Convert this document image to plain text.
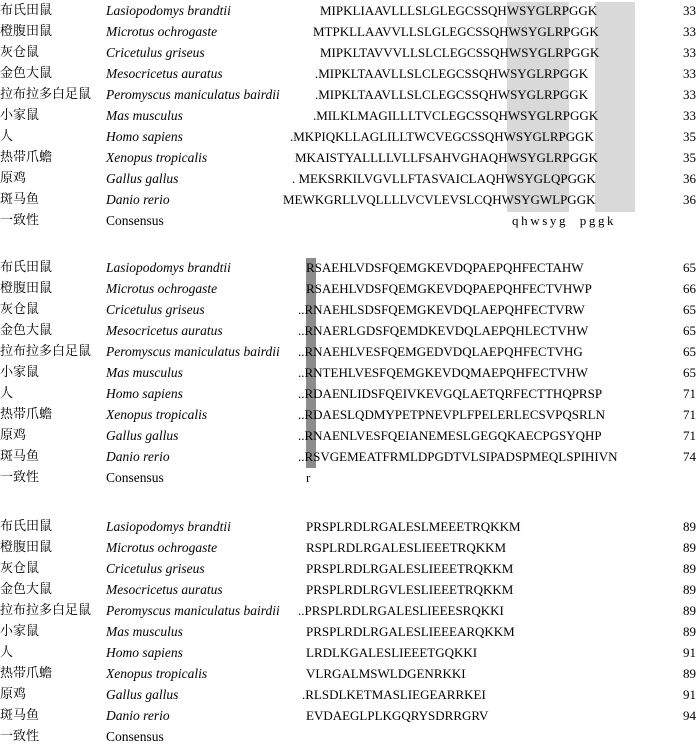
布氏田鼠	Lasiopodomys brandtii	MIPKLIAAVLLLSLGLEGCSSQHWSYGLRPGGK	33
橙腹田鼠	Microtus ochrogaste	MTPKLLAAVVLLSLGLEGCSSQHWSYGLRPGGK	33
灰仓鼠	Cricetulus griseus	MIPKLTAVVVLLSLCLEGCSSQHWSYGLRPGGK	33
金色大鼠	Mesocricetus auratus	.MIPKLTAAVLLSLCLEGCSSQHWSYGLRPGGK	33
拉布拉多白足鼠 Peromyscus maniculatus bairdii	.MIPKLTAAVLLSLCLEGCSSQHWSYGLRPGGK	33
小家鼠	Mas musculus	.MILKLMAGILLLTVCLEGCSSQHWSYGLRPGGK	33
人	Homo sapiens	.MKPIQKLLAGLILLTWCVEGCSSQHWSYGLRPGGK	35
热带爪蟾	Xenopus tropicalis	MKAISTYALLLLVLLFSAHVGHAQHWSYGLRPGGK	35
原鸡	Gallus gallus	. MEKSRKILVGVLLFTASVAICLAQHWSYGLQPGGK	36
斑马鱼	Danio rerio	MEWKGRLLVQLLLLVCVLEVSLCQHWSYGWLPGGK	36
一致性	Consensus	qhwsyg  pggk
布氏田鼠	Lasiopodomys brandtii	RSAEHLVDSFQEMGKEVDQPAEPQHFECTAHW	65
橙腹田鼠	Microtus ochrogaste	RSAEHLVDSFQEMGKEVDQPAEPQHFECTVHWP	66
灰仓鼠	Cricetulus griseus	..RNAEHLSDSFQEMGKEVDQLAEPQHFECTVRW	65
金色大鼠	Mesocricetus auratus	..RNAERLGDSFQEMDKEVDQLAEPQHLECTVHW	65
拉布拉多白足鼠 Peromyscus maniculatus bairdii ..RNAEHLVESFQEMGEDVDQLAEPQHFECTVHG	65
小家鼠	Mas musculus	..RNTEHLVESFQEMGKEVDQMAEPQHFECTVHW	65
人	Homo sapiens	..RDAENLIDSFQEIVKEVGQLAETQRFECTTHQPRSP	71
热带爪蟾	Xenopus tropicalis	..RDAESLQDMYPETPNEVPLFPELERLECSVPQSRLN	71
原鸡	Gallus gallus	..RNAENLVESFQEIANEMESLGEGQKAECPGSYQHP	71
斑马鱼	Danio rerio	..RSVGEMEATFRMLDPGDTVLSIPADSPMEQLSPIHIVN	74
一致性	Consensus	r
布氏田鼠	Lasiopodomys brandtii	PRSPLRDLRGALESLMEEETRQKKM	89
橙腹田鼠	Microtus ochrogaste	RSPLRDLRGALESLIEEETRQKKM	89
灰仓鼠	Cricetulus griseus	PRSPLRDLRGALESLIEEETRQKKM	89
金色大鼠	Mesocricetus auratus	PRSPLRDLRGVLESLIEEETRQKKM	89
拉布拉多白足鼠 Peromyscus maniculatus bairdii ..PRSPLRDLRGALESLIEEESRQKKI	89
小家鼠	Mas musculus	PRSPLRDLRGALESLIEEEARQKKM	89
人	Homo sapiens	LRDLKGALESLIEEETGQKKI	91
热带爪蟾	Xenopus tropicalis	VLRGALMSWLDGENRKKI	89
原鸡	Gallus gallus	.RLSDLKETMASLIEGEARRKEI	91
斑马鱼	Danio rerio	EVDAEGLPLKGQRYSDRRGRV	94
一致性	Consensus
